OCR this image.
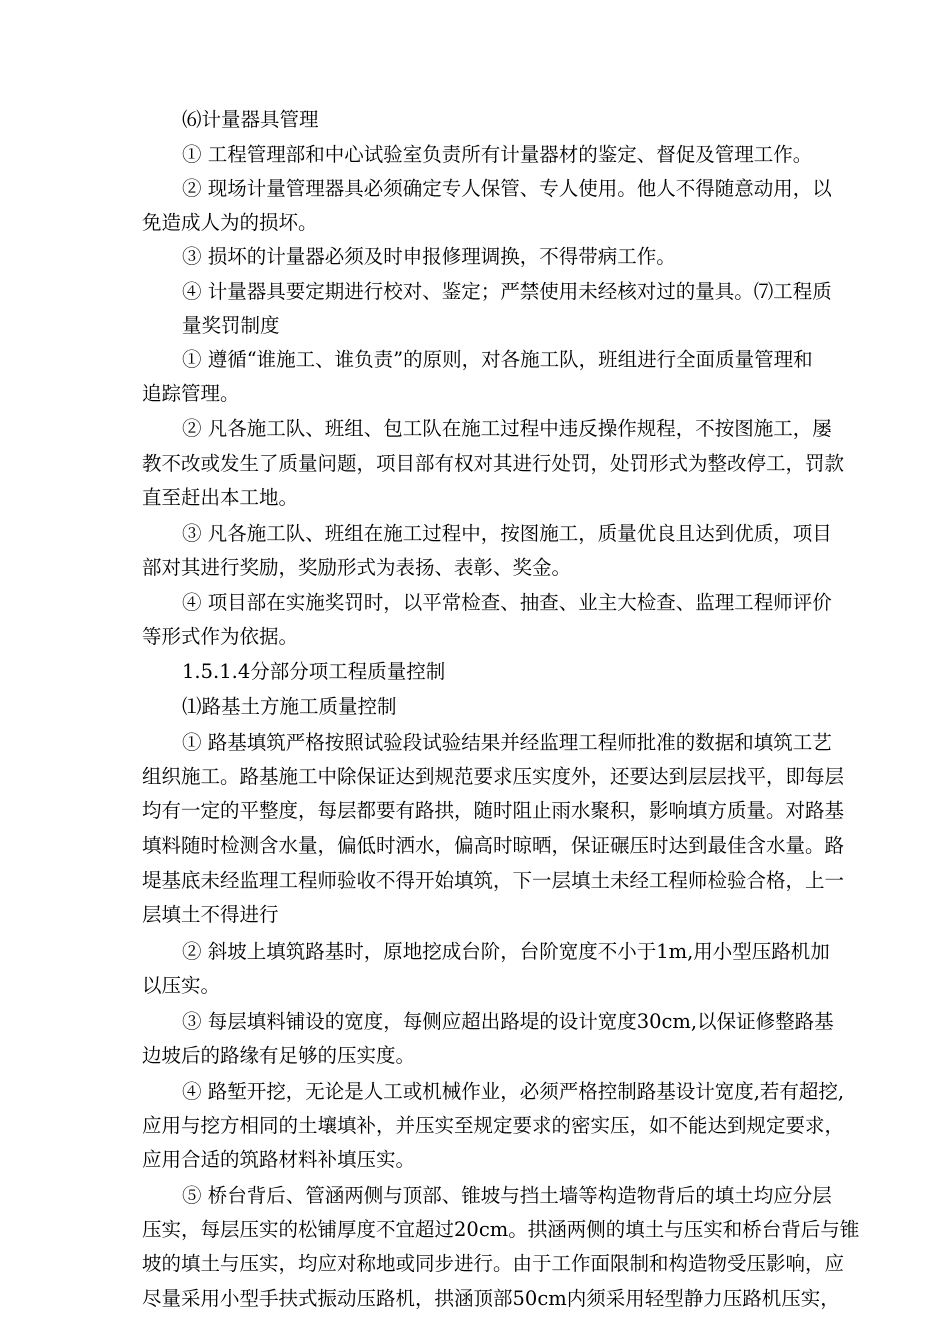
⑹计量器具管理
① 工程管理部和中心试验室负责所有计量器材的鉴定、督促及管理工作。
② 现场计量管理器具必须确定专人保管、专人使用。他人不得随意动用，以
免造成人为的损坏。
③ 损坏的计量器必须及时申报修理调换，不得带病工作。
④ 计量器具要定期进行校对、鉴定；严禁使用未经核对过的量具。⑺工程质
量奖罚制度
① 遵循“谁施工、谁负责”的原则，对各施工队，班组进行全面质量管理和
追踪管理。
② 凡各施工队、班组、包工队在施工过程中违反操作规程，不按图施工，屡
教不改或发生了质量问题，项目部有权对其进行处罚，处罚形式为整改停工，罚款
直至赶出本工地。
③ 凡各施工队、班组在施工过程中，按图施工，质量优良且达到优质，项目
部对其进行奖励，奖励形式为表扬、表彰、奖金。
④ 项目部在实施奖罚时，以平常检查、抽查、业主大检查、监理工程师评价
等形式作为依据。
1.5.1.4分部分项工程质量控制
⑴路基土方施工质量控制
① 路基填筑严格按照试验段试验结果并经监理工程师批准的数据和填筑工艺
组织施工。路基施工中除保证达到规范要求压实度外，还要达到层层找平，即每层
均有一定的平整度，每层都要有路拱，随时阻止雨水聚积，影响填方质量。对路基
填料随时检测含水量，偏低时洒水，偏高时晾晒，保证碾压时达到最佳含水量。路
堤基底未经监理工程师验收不得开始填筑，下一层填土未经工程师检验合格，上一
层填土不得进行
② 斜坡上填筑路基时，原地挖成台阶，台阶宽度不小于1m,用小型压路机加
以压实。
③ 每层填料铺设的宽度，每侧应超出路堤的设计宽度30cm,以保证修整路基
边坡后的路缘有足够的压实度。
④ 路堑开挖，无论是人工或机械作业，必须严格控制路基设计宽度,若有超挖,
应用与挖方相同的土壤填补，并压实至规定要求的密实压，如不能达到规定要求，
应用合适的筑路材料补填压实。
⑤ 桥台背后、管涵两侧与顶部、锥坡与挡土墙等构造物背后的填土均应分层
压实，每层压实的松铺厚度不宜超过20cm。拱涵两侧的填土与压实和桥台背后与锥
坡的填土与压实，均应对称地或同步进行。由于工作面限制和构造物受压影响，应
尽量采用小型手扶式振动压路机，拱涵顶部50cm内须采用轻型静力压路机压实，
